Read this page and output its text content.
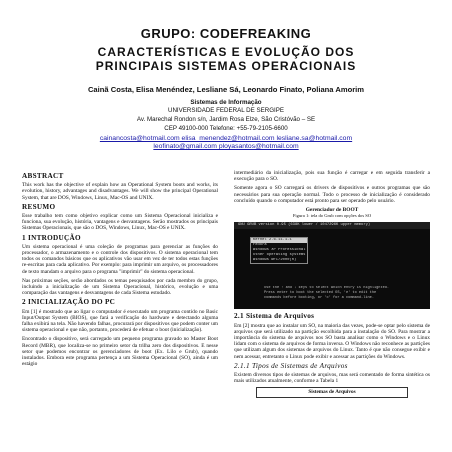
GRUPO: CODEFREAKING
CARACTERÍSTICAS E EVOLUÇÃO DOS
PRINCIPAIS SISTEMAS OPERACIONAIS
Cainã Costa, Elisa Menéndez, Lesliane Sá, Leonardo Finato, Poliana Amorim
Sistemas de Informação
UNIVERSIDADE FEDERAL DE SERGIPE
Av. Marechal Rondon s/n, Jardim Rosa Elze, São Cristóvão – SE
CEP 49100-000 Telefone: +55-79-2105-6600
cainancosta@hotmail.com elisa_menendez@hotmail.com lesliane.sa@hotmail.com
leofinato@gmail.com ployasantos@hotmail.com
ABSTRACT

This work has the objective of explain how an Operational System boots and works, its evolution, history, advantages and disadvantages. We will show the principal Operational System, that are DOS, Windows, Linux, Mac-OS and UNIX.

RESUMO

Esse trabalho tem como objetivo explicar como um Sistema Operacional inicializa e funciona, sua evolução, história, vantagens e desvantagens. Serão mostrados os principais Sistemas Operacionais, que são o DOS, Windows, Linux, Mac-OS e UNIX.

1 INTRODUÇÃO

Um sistema operacional é uma coleção de programas para gerenciar as funções do processador, o armazenamento e o controle dos dispositivos. O sistema operacional tem todos os comandos básicos que os aplicativos vão usar em vez de ter todos estas funções re-escritas para cada aplicativo. Por exemplo: para imprimir um arquivo, os processadores de texto mandam o arquivo para o programa "imprimir" do sistema operacional.

Nas próximas seções, serão abordados os temas pesquisados por cada membro do grupo, incluindo a inicialização de um Sistema Operacional, histórico, evolução e uma comparação das vantagens e desvantagens de cada Sistema estudado.

2 INICIALIZAÇÃO DO PC

Em [1] é mostrado que ao ligar o computador é executado um programa contido no Basic Input/Output System (BIOS), que fará a verificação do hardware e detectando alguma falha exibirá na tela. Não havendo falhas, procurará por dispositivos que podem conter um sistema operacional e que não, portanto, procederá de efetuar o boot (inicialização).

Encontrado o dispositivo, será carregado um pequeno programa gravado no Master Boot Record (MBR), que localiza-se no primeiro setor da trilha zero dos dispositivos. E nesse setor que podemos encontrar os gerenciadores de boot (Ex. Lilo e Grub), quando instalados. Embora este programa pertença a um Sistema Operacional (SO), ainda é um estágio

intermediário da inicialização, pois sua função é carregar e em seguida transferir a execução para o SO.

Somente agora o SO carregará os drivers de dispositivos e outros programas que são necessários para sua operação normal. Todo o processo de inicialização é considerado concluído quando o computador está pronto para ser operado pelo usuário.

Gerenciador de BOOT
Figura 1: tela do Grub com opções dos SO
GNU GRUB version 0.95 (638K lower / 1047296K upper memory)
Kernel 2.6.11.1-1
Fedora
Windows XP Professional
Other operating systems
Windows WFC/2000(R)
Use the ↑ and ↓ keys to select which entry is highlighted.
Press enter to boot the selected OS, 'e' to edit the
commands before booting, or 'c' for a command-line.
2.1 Sistema de Arquivos

Em [2] mostra que ao instalar um SO, na maioria das vezes, pode-se optar pelo sistema de arquivos que será utilizado na partição escolhida para a instalação do SO. Para mostrar a importância do sistema de arquivos nos SO basta analisar como o Windows e o Linux lidam com o sistema de arquivos de forma inversa. O Windows não reconhece as partições que utilizam algum dos sistemas de arquivos do Linux. Tanto é que não consegue exibir e nem acessar, entretanto o Linux pode exibir e acessar as partições do Windows.

2.1.1 Tipos de Sistemas de Arquivos

Existem diversos tipos de sistemas de arquivos, mas será comentado de forma sintética os mais utilizados atualmente, conforme a Tabela 1

Sistemas de Arquivos
